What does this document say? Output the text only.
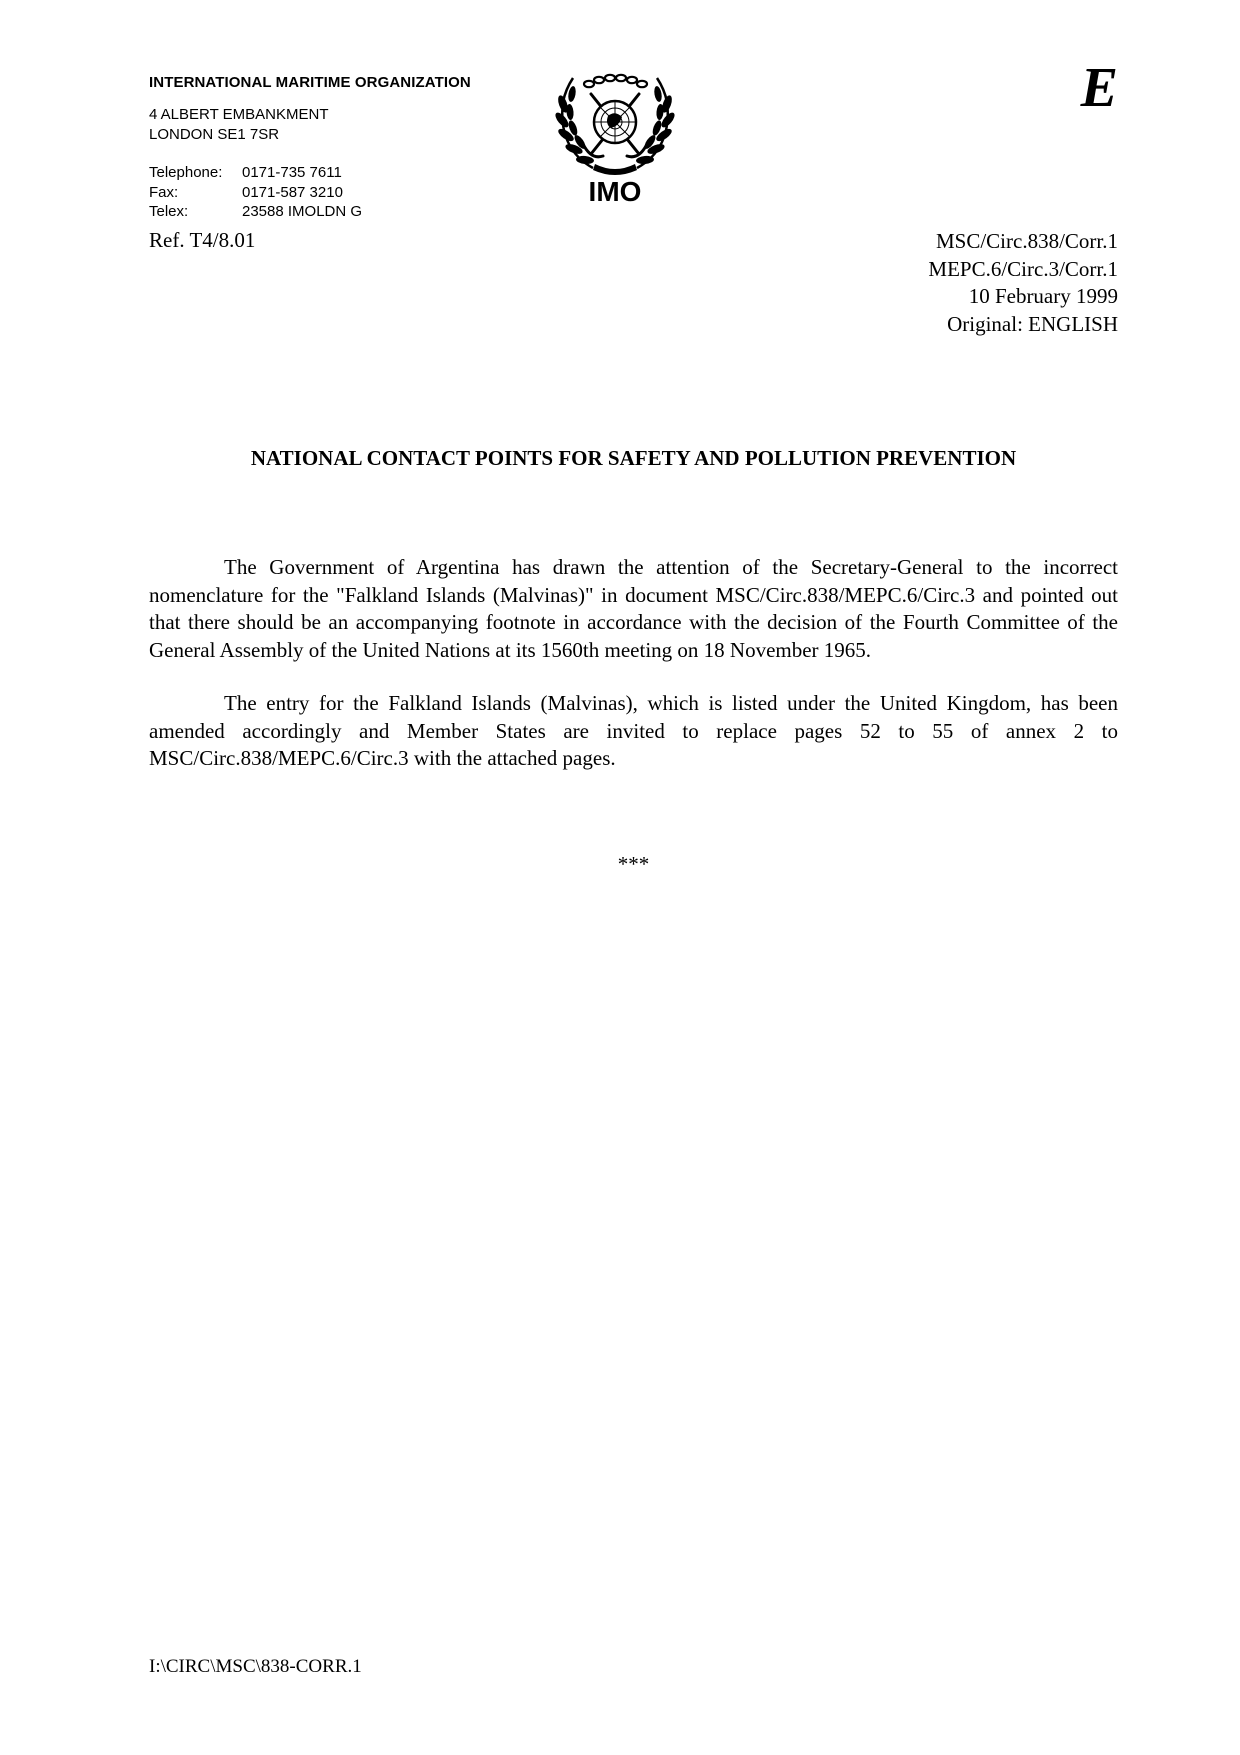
INTERNATIONAL MARITIME ORGANIZATION
4 ALBERT EMBANKMENT
LONDON SE1 7SR
Telephone:	0171-735 7611
Fax:	0171-587 3210
Telex:	23588 IMOLDN G
IMO
E
Ref. T4/8.01	MSC/Circ.838/Corr.1
MEPC.6/Circ.3/Corr.1
10 February 1999
Original: ENGLISH
NATIONAL CONTACT POINTS FOR SAFETY AND POLLUTION PREVENTION

The Government of Argentina has drawn the attention of the Secretary-General to the incorrect nomenclature for the "Falkland Islands (Malvinas)" in document MSC/Circ.838/MEPC.6/Circ.3 and pointed out that there should be an accompanying footnote in accordance with the decision of the Fourth Committee of the General Assembly of the United Nations at its 1560th meeting on 18 November 1965.

The entry for the Falkland Islands (Malvinas), which is listed under the United Kingdom, has been amended accordingly and Member States are invited to replace pages 52 to 55 of annex 2 to MSC/Circ.838/MEPC.6/Circ.3 with the attached pages.

***
I:\CIRC\MSC\838-CORR.1
